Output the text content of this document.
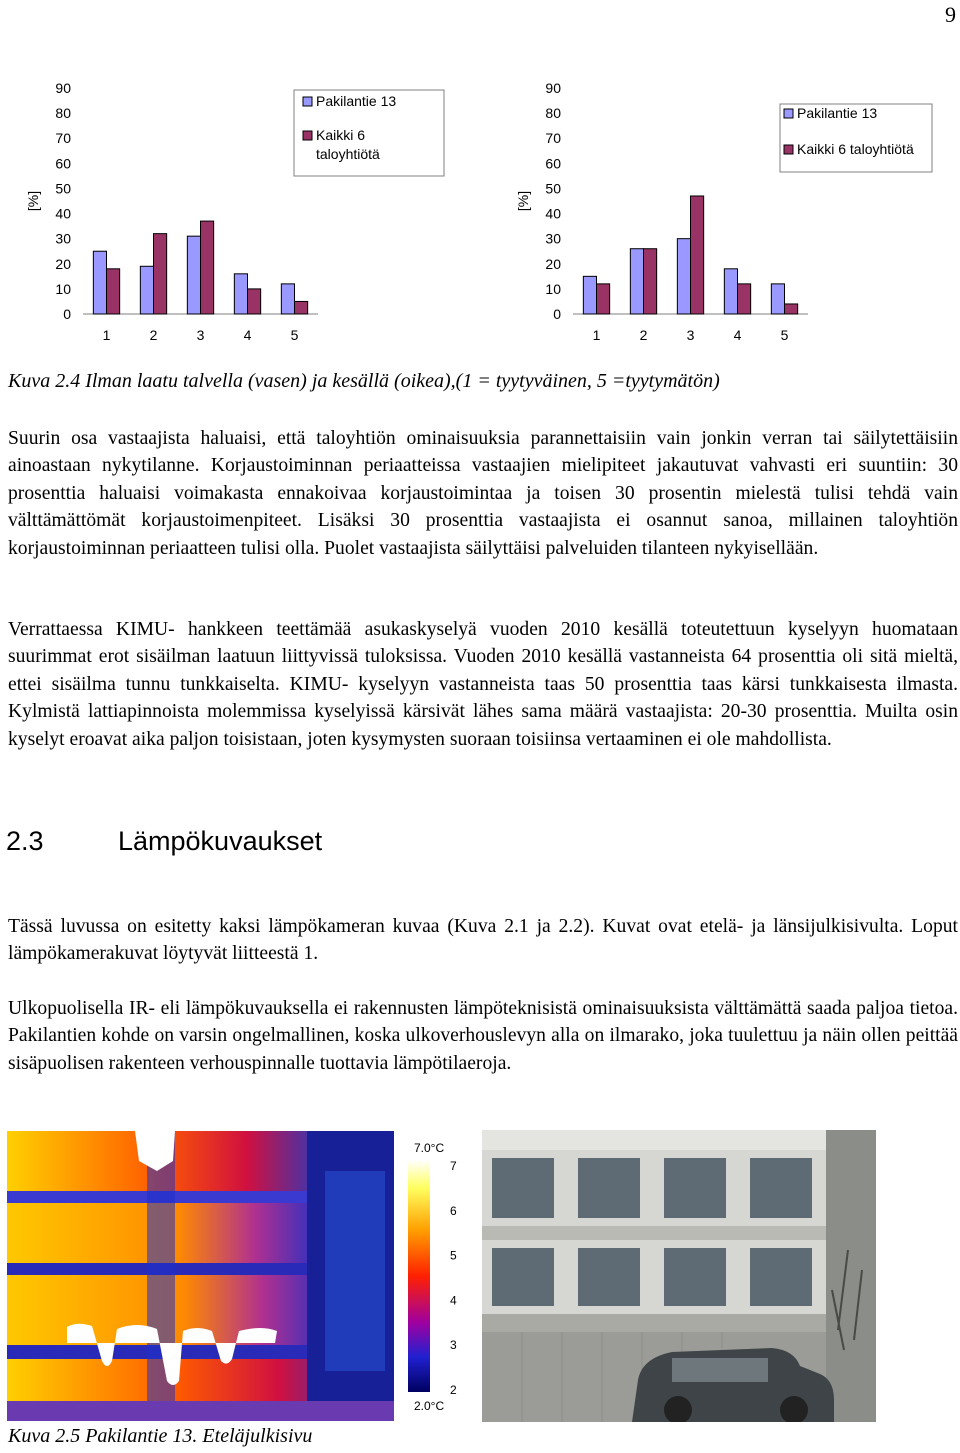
9
[%]
0
10
20
30
40
50
60
70
80
90
1	2	3	4	5
Pakilantie 13
Kaikki 6 taloyhtiötä
[%]
0
10
20
30
40
50
60
70
80
90
1	2	3	4	5
Pakilantie 13
Kaikki 6 taloyhtiötä
Kuva 2.4 Ilman laatu talvella (vasen) ja kesällä (oikea),(1 = tyytyväinen, 5 =tyytymätön)

Suurin osa vastaajista haluaisi, että taloyhtiön ominaisuuksia parannettaisiin vain jonkin verran tai säilytettäisiin ainoastaan nykytilanne. Korjaustoiminnan periaatteissa vastaajien mielipiteet jakautuvat vahvasti eri suuntiin: 30 prosenttia haluaisi voimakasta ennakoivaa korjaustoimintaa ja toisen 30 prosentin mielestä tulisi tehdä vain välttämättömät korjaustoimenpiteet. Lisäksi 30 prosenttia vastaajista ei osannut sanoa, millainen taloyhtiön korjaustoiminnan periaatteen tulisi olla. Puolet vastaajista säilyttäisi palveluiden tilanteen nykyisellään.

Verrattaessa KIMU- hankkeen teettämää asukaskyselyä vuoden 2010 kesällä toteutettuun kyselyyn huomataan suurimmat erot sisäilman laatuun liittyvissä tuloksissa. Vuoden 2010 kesällä vastanneista 64 prosenttia oli sitä mieltä, ettei sisäilma tunnu tunkkaiselta. KIMU- kyselyyn vastanneista taas 50 prosenttia taas kärsi tunkkaisesta ilmasta. Kylmistä lattiapinnoista molemmissa kyselyissä kärsivät lähes sama määrä vastaajista: 20-30 prosenttia. Muilta osin kyselyt eroavat aika paljon toisistaan, joten kysymysten suoraan toisiinsa vertaaminen ei ole mahdollista.

2.3	Lämpökuvaukset

Tässä luvussa on esitetty kaksi lämpökameran kuvaa (Kuva 2.1 ja 2.2). Kuvat ovat etelä- ja länsijulkisivulta. Loput lämpökamerakuvat löytyvät liitteestä 1.

Ulkopuolisella IR- eli lämpökuvauksella ei rakennusten lämpöteknisistä ominaisuuksista välttämättä saada paljoa tietoa. Pakilantien kohde on varsin ongelmallinen, koska ulkoverhouslevyn alla on ilmarako, joka tuulettuu ja näin ollen peittää sisäpuolisen rakenteen verhouspinnalle tuottavia lämpötilaeroja.

7.0°C
2.0°C
7
6
5
4
3
2
Kuva 2.5 Pakilantie 13. Eteläjulkisivu
